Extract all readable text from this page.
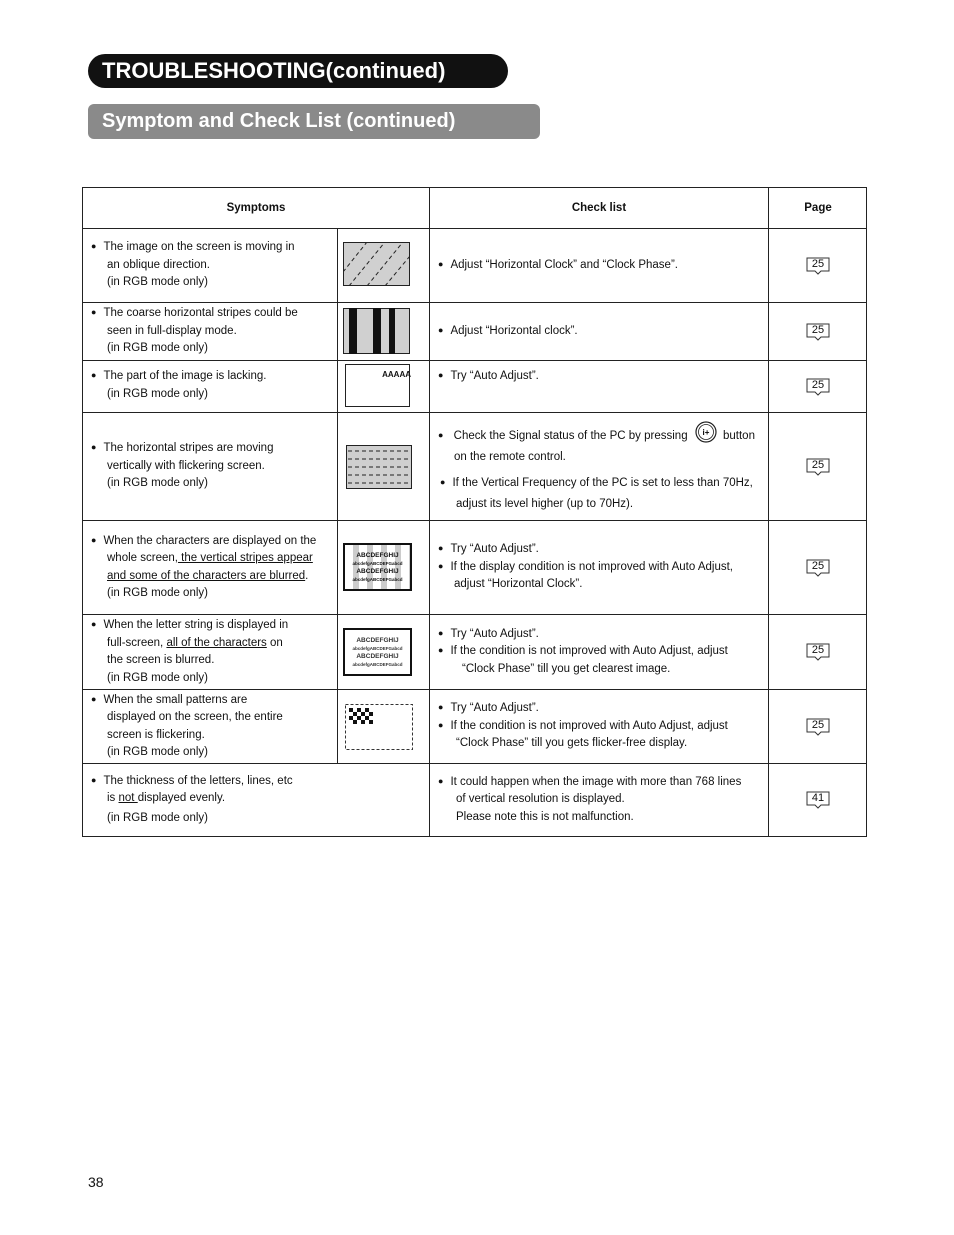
TROUBLESHOOTING(continued)
Symptom and Check List (continued)
Symptoms	Check list	Page
● The image on the screen is moving in
an oblique direction.
(in RGB mode only)
● Adjust “Horizontal Clock” and “Clock Phase”.	25
● The coarse horizontal stripes could be
seen in full-display mode.
(in RGB mode only)
● Adjust “Horizontal clock”.	25
● The part of the image is lacking.
(in RGB mode only)
AAAAA
●	Try “Auto Adjust”.
25
● The horizontal stripes are moving
vertically with flickering screen.
(in RGB mode only)
● Check the Signal status of the PC by pressing i+ button
on the remote control.
● If the Vertical Frequency of the PC is set to less than 70Hz,
adjust its level higher (up to 70Hz).
25
● When the characters are displayed on the
whole screen, the vertical stripes appear
and some of the characters are blurred.
(in RGB mode only)
ABCDEFGHIJ
abcdefgABCDEFGabcd
ABCDEFGHIJ
abcdefgABCDEFGabcd
● Try “Auto Adjust”.
● If the display condition is not improved with Auto Adjust,
adjust “Horizontal Clock”.
25
● When the letter string is displayed in
full-screen, all of the characters on
the screen is blurred.
(in RGB mode only)
ABCDEFGHIJ
abcdefgABCDEFGabcd
ABCDEFGHIJ
abcdefgABCDEFGabcd
● Try “Auto Adjust”.
● If the condition is not improved with Auto Adjust, adjust
“Clock Phase” till you get clearest image.
25
● When the small patterns are
displayed on the screen, the entire
screen is flickering.
(in RGB mode only)
● Try “Auto Adjust”.
● If the condition is not improved with Auto Adjust, adjust
“Clock Phase” till you gets flicker-free display.
25
● The thickness of the letters, lines, etc
is not displayed evenly.
(in RGB mode only)
● It could happen when the image with more than 768 lines
of vertical resolution is displayed.
Please note this is not malfunction.
41
38
